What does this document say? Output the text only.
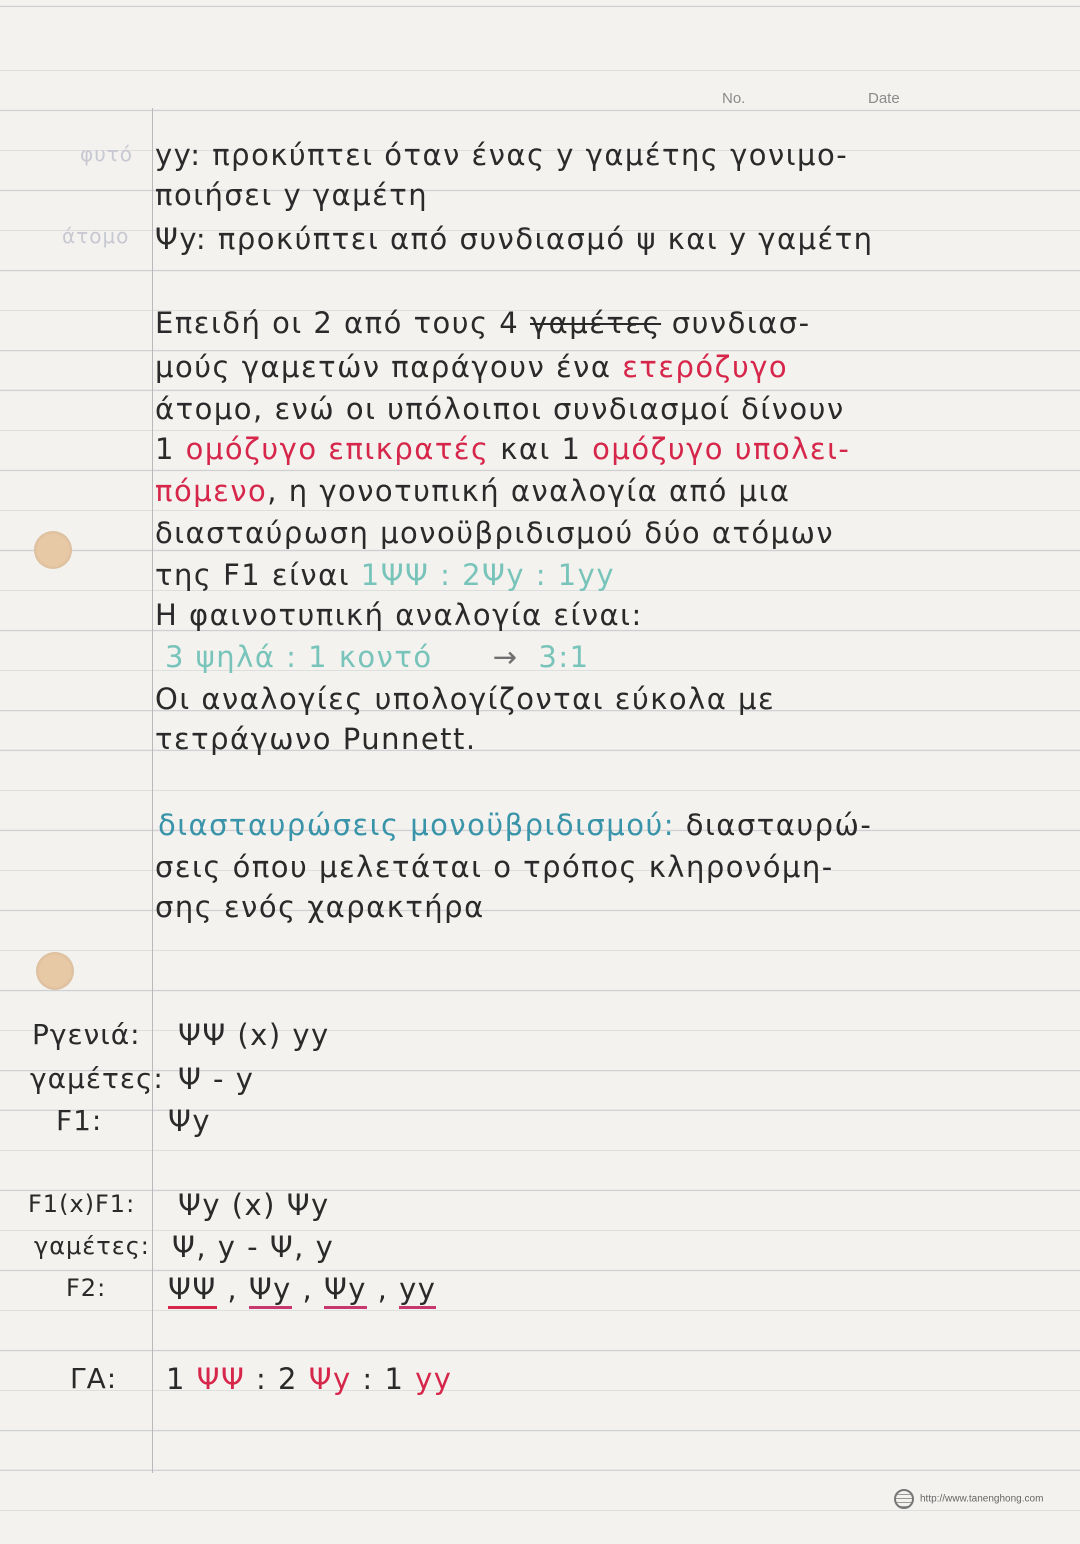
No.	Date
φυτό
άτομο
yy: προκύπτει όταν ένας y γαμέτης γονιμο-
ποιήσει y γαμέτη
Ψy: προκύπτει από συνδιασμό ψ και y γαμέτη
Επειδή οι 2 από τους 4 γαμέτες συνδιασ-
μούς γαμετών παράγουν ένα ετερόζυγο
άτομο, ενώ οι υπόλοιποι συνδιασμοί δίνουν
1 ομόζυγο επικρατές και 1 ομόζυγο υπολει-
πόμενο, η γονοτυπική αναλογία από μια
διασταύρωση μονοϋβριδισμού δύο ατόμων
της F1 είναι 1ΨΨ : 2Ψy : 1yy
Η φαινοτυπική αναλογία είναι:
3 ψηλά : 1 κοντό → 3:1
Οι αναλογίες υπολογίζονται εύκολα με
τετράγωνο Punnett.
διασταυρώσεις μονοϋβριδισμού: διασταυρώ-
σεις όπου μελετάται ο τρόπος κληρονόμη-
σης ενός χαρακτήρα
Pγενιά: ΨΨ (x) yy
γαμέτες: Ψ - y
F1: Ψy
F1(x)F1: Ψy (x) Ψy
γαμέτες: Ψ, y - Ψ, y
F2: ΨΨ , Ψy , Ψy , yy
ΓΑ: 1 ΨΨ : 2 Ψy : 1 yy
http://www.tanenghong.com
